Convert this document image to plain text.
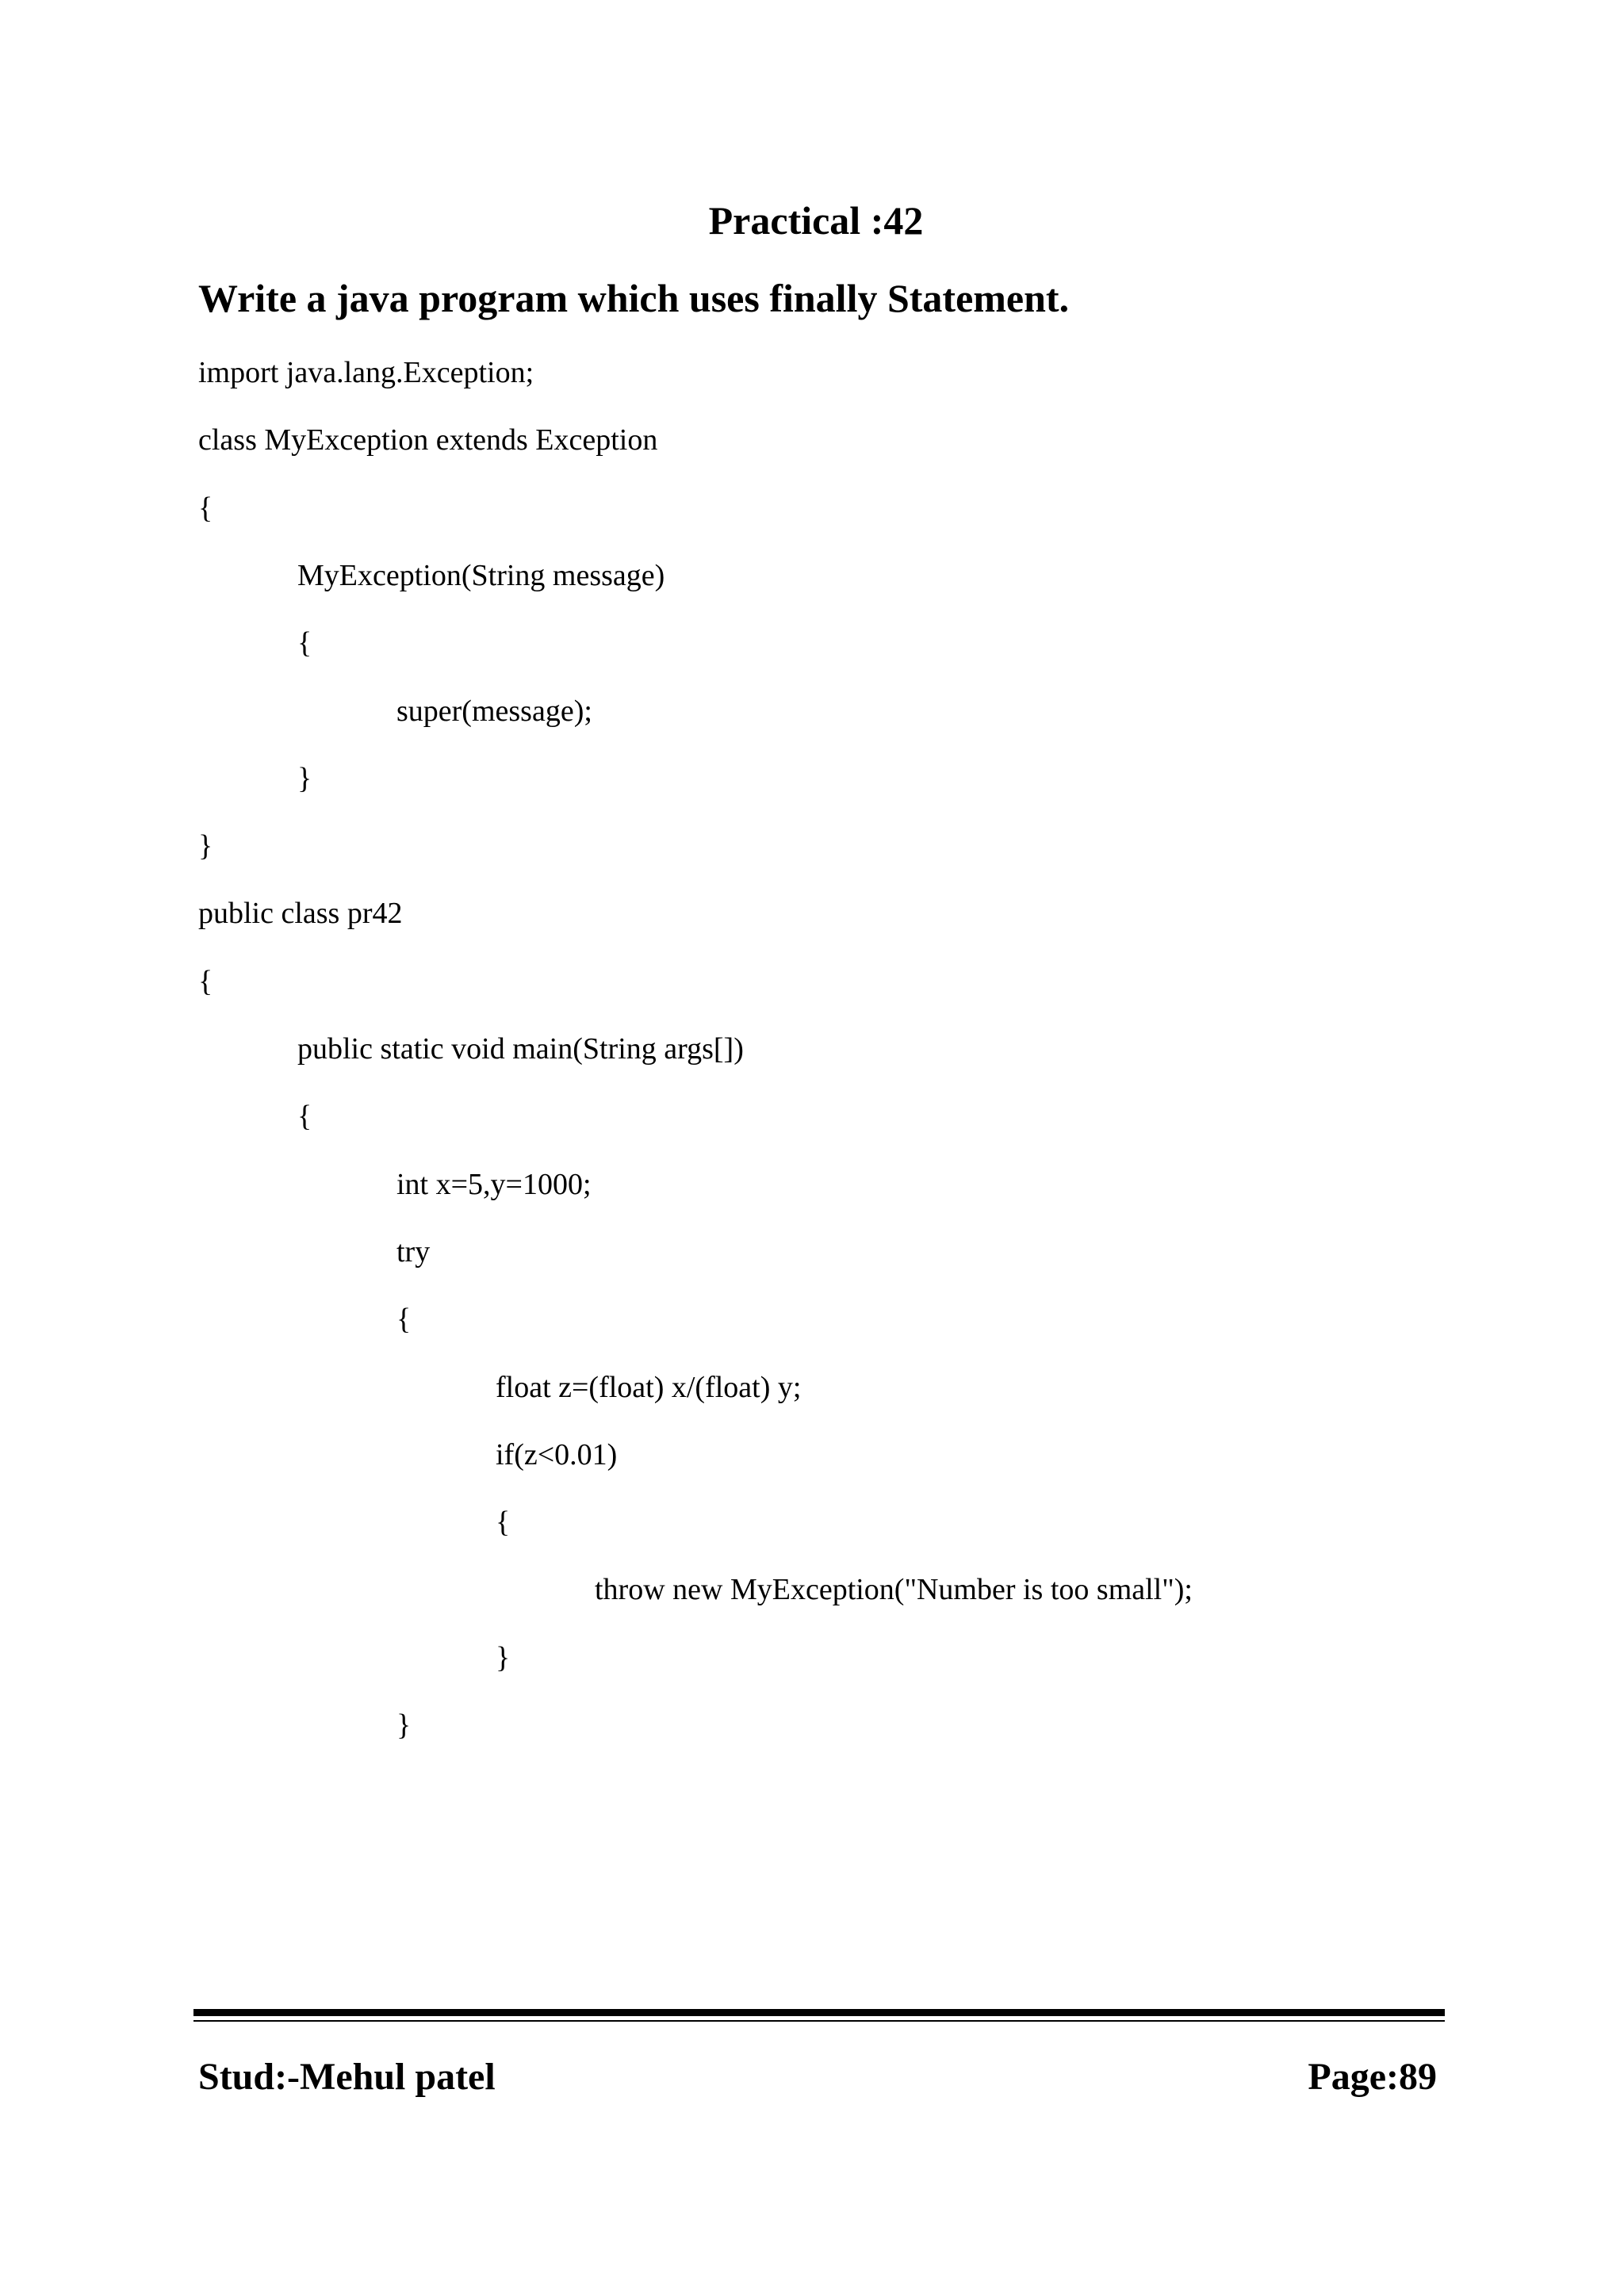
Practical :42
Write a java program which uses finally Statement.
import java.lang.Exception;
class MyException extends Exception
{
MyException(String message)
{
super(message);
}
}
public class pr42
{
public static void main(String args[])
{
int x=5,y=1000;
try
{
float z=(float) x/(float) y;
if(z<0.01)
{
throw new MyException("Number is too small");
}
}
Stud:-Mehul patel	Page:89
